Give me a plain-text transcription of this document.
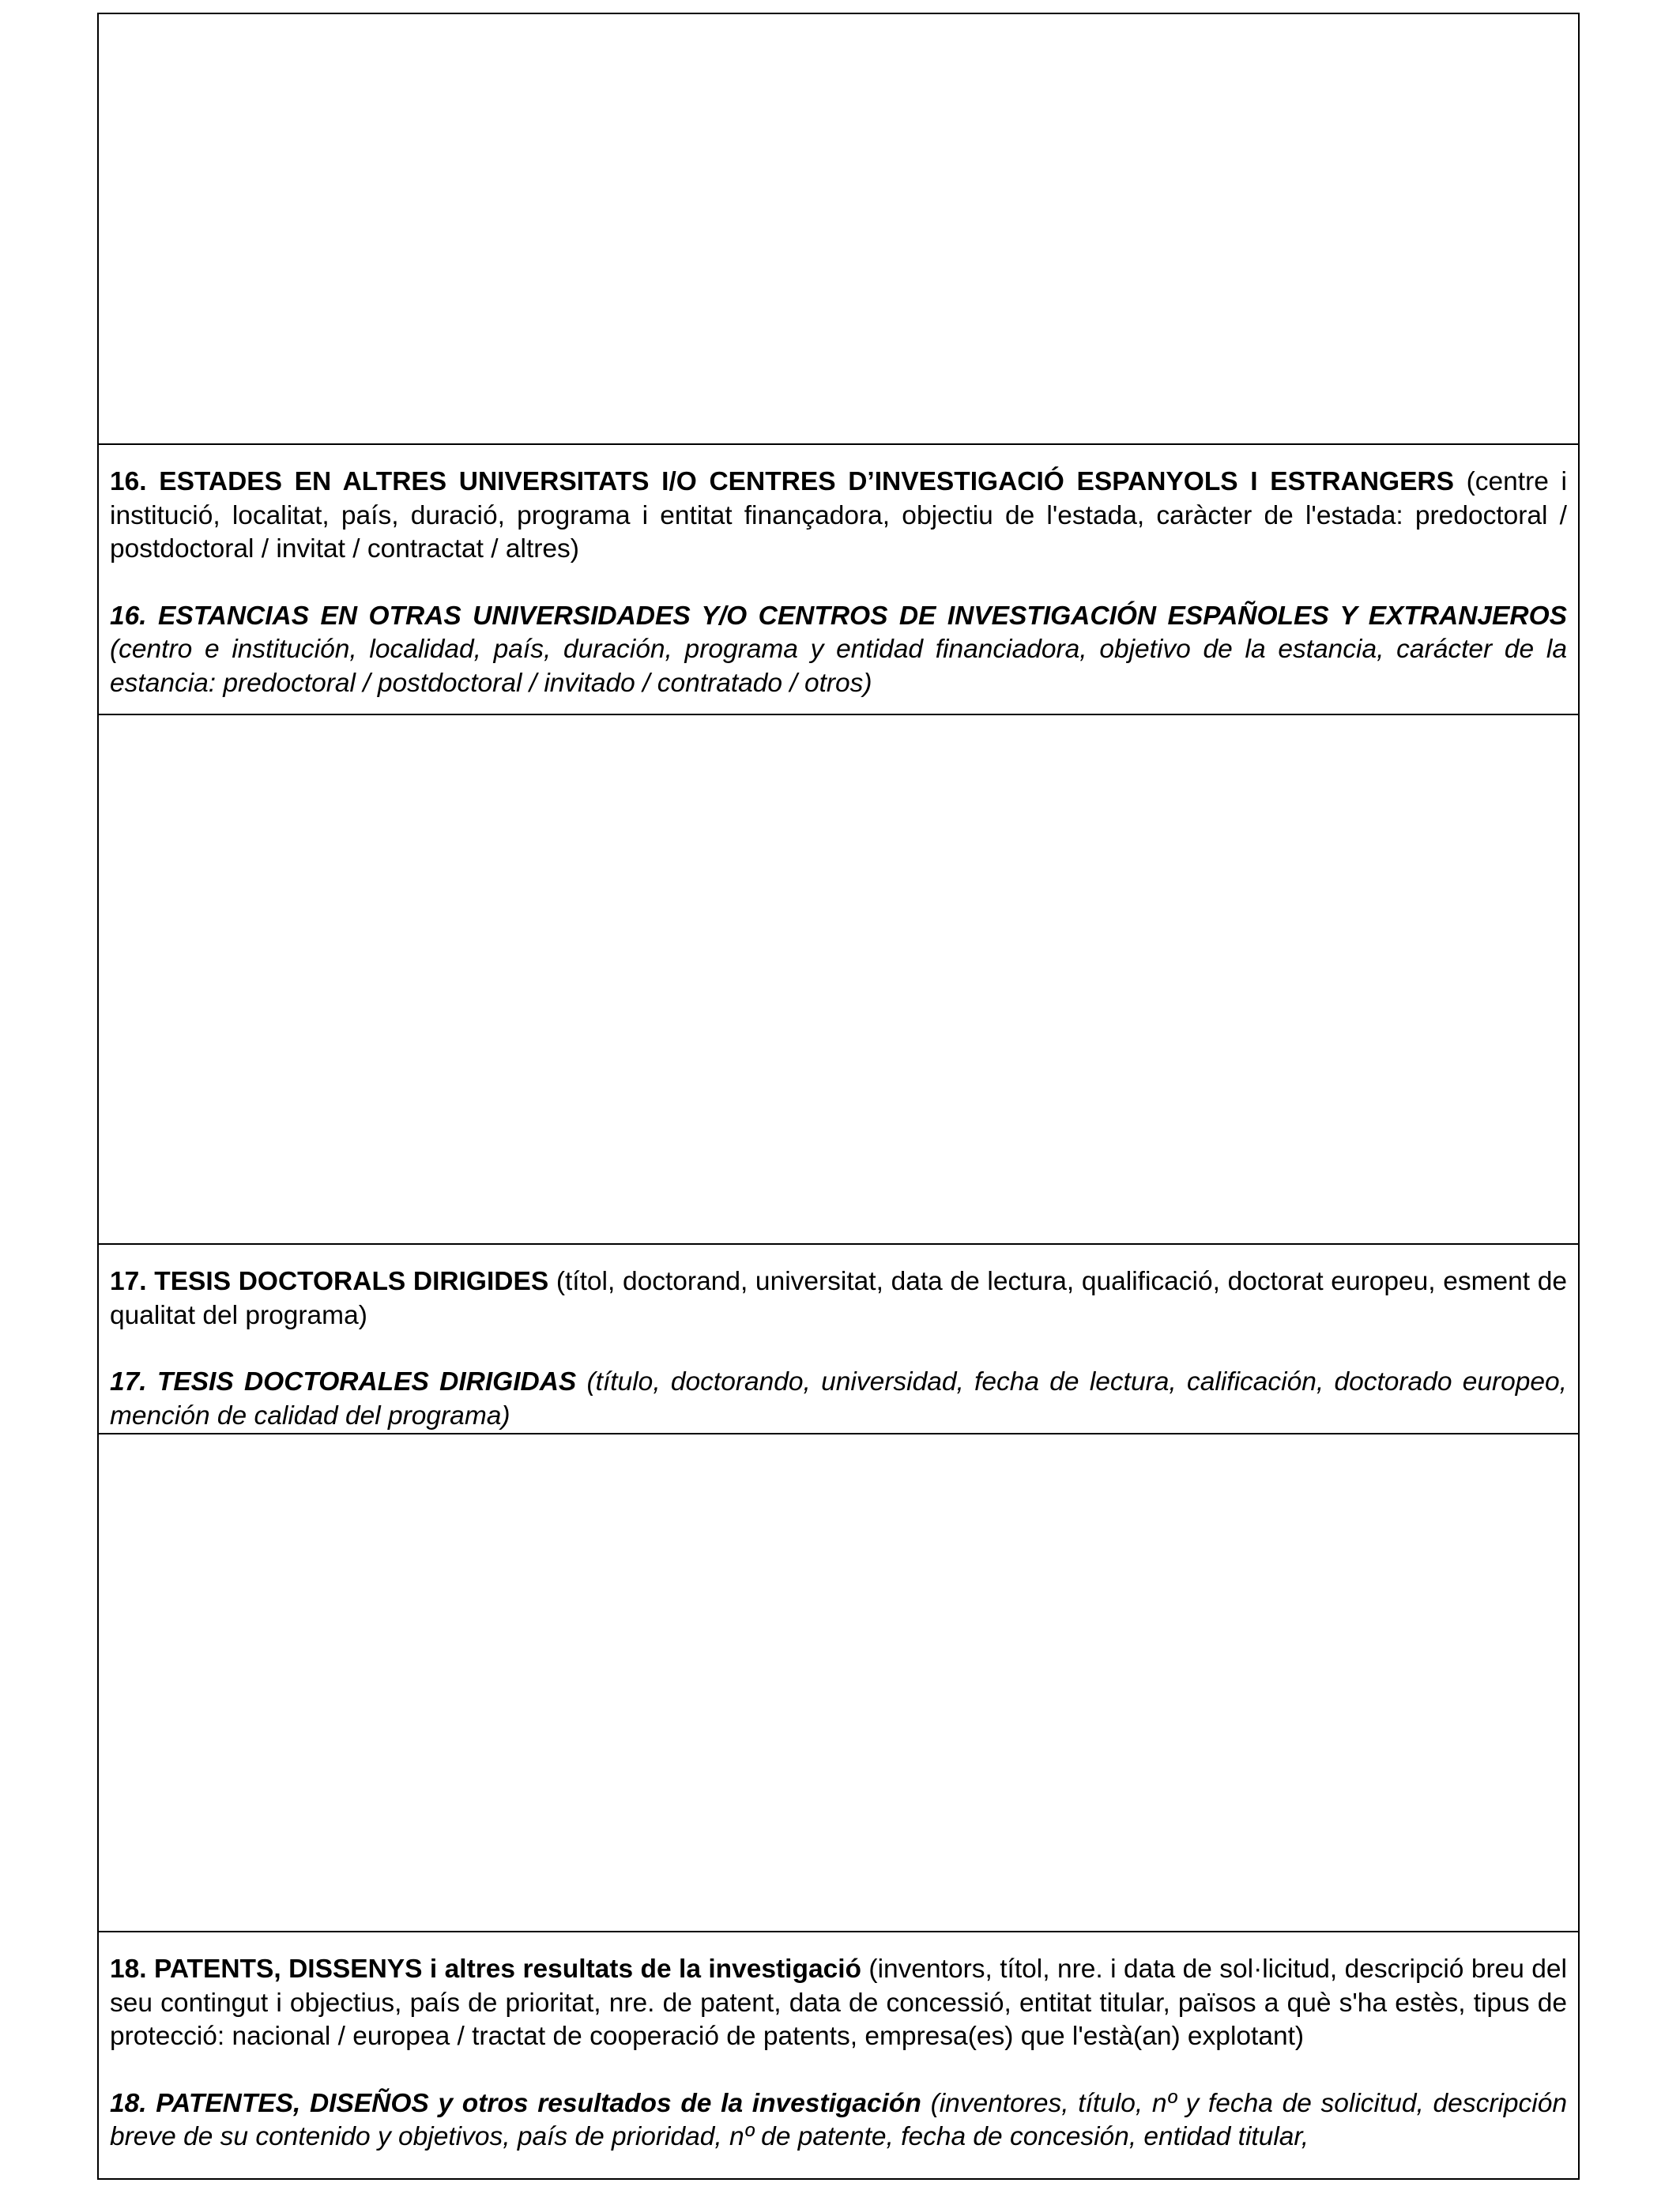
16. ESTADES EN ALTRES UNIVERSITATS I/O CENTRES D’INVESTIGACIÓ ESPANYOLS I ESTRANGERS (centre i institució, localitat, país, duració, programa i entitat finançadora, objectiu de l'estada, caràcter de l'estada: predoctoral / postdoctoral / invitat / contractat / altres)

16. ESTANCIAS EN OTRAS UNIVERSIDADES Y/O CENTROS DE INVESTIGACIÓN ESPAÑOLES Y EXTRANJEROS (centro e institución, localidad, país, duración, programa y entidad financiadora, objetivo de la estancia, carácter de la estancia: predoctoral / postdoctoral / invitado / contratado / otros)

17. TESIS DOCTORALS DIRIGIDES (títol, doctorand, universitat, data de lectura, qualificació, doctorat europeu, esment de qualitat del programa)

17. TESIS DOCTORALES DIRIGIDAS (título, doctorando, universidad, fecha de lectura, calificación, doctorado europeo, mención de calidad del programa)

18. PATENTS, DISSENYS i altres resultats de la investigació (inventors, títol, nre. i data de sol·licitud, descripció breu del seu contingut i objectius, país de prioritat, nre. de patent, data de concessió, entitat titular, països a què s'ha estès, tipus de protecció: nacional / europea / tractat de cooperació de patents, empresa(es) que l'està(an) explotant)

18. PATENTES, DISEÑOS y otros resultados de la investigación (inventores, título, nº y fecha de solicitud, descripción breve de su contenido y objetivos, país de prioridad, nº de patente, fecha de concesión, entidad titular,
